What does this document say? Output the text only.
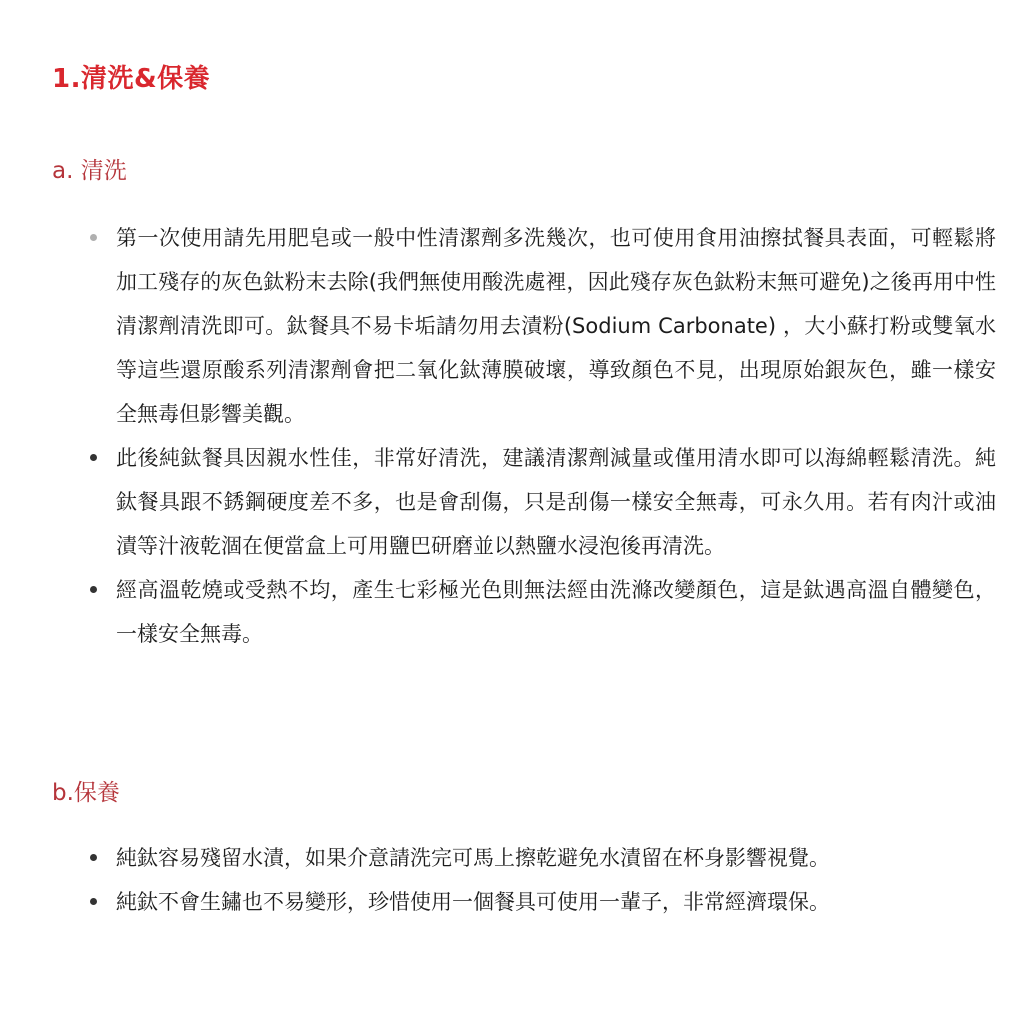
1.清洗&保養
a. 清洗
第一次使用請先用肥皂或一般中性清潔劑多洗幾次，也可使用食用油擦拭餐具表面，可輕鬆將加工殘存的灰色鈦粉末去除(我們無使用酸洗處裡，因此殘存灰色鈦粉末無可避免)之後再用中性清潔劑清洗即可。鈦餐具不易卡垢請勿用去漬粉(Sodium Carbonate) ，大小蘇打粉或雙氧水等這些還原酸系列清潔劑會把二氧化鈦薄膜破壞，導致顏色不見，出現原始銀灰色，雖一樣安全無毒但影響美觀。
此後純鈦餐具因親水性佳，非常好清洗，建議清潔劑減量或僅用清水即可以海綿輕鬆清洗。純鈦餐具跟不銹鋼硬度差不多，也是會刮傷，只是刮傷一樣安全無毒，可永久用。若有肉汁或油漬等汁液乾涸在便當盒上可用鹽巴研磨並以熱鹽水浸泡後再清洗。
經高溫乾燒或受熱不均，產生七彩極光色則無法經由洗滌改變顏色，這是鈦遇高溫自體變色，一樣安全無毒。
b.保養
純鈦容易殘留水漬，如果介意請洗完可馬上擦乾避免水漬留在杯身影響視覺。
純鈦不會生鏽也不易變形，珍惜使用一個餐具可使用一輩子，非常經濟環保。
